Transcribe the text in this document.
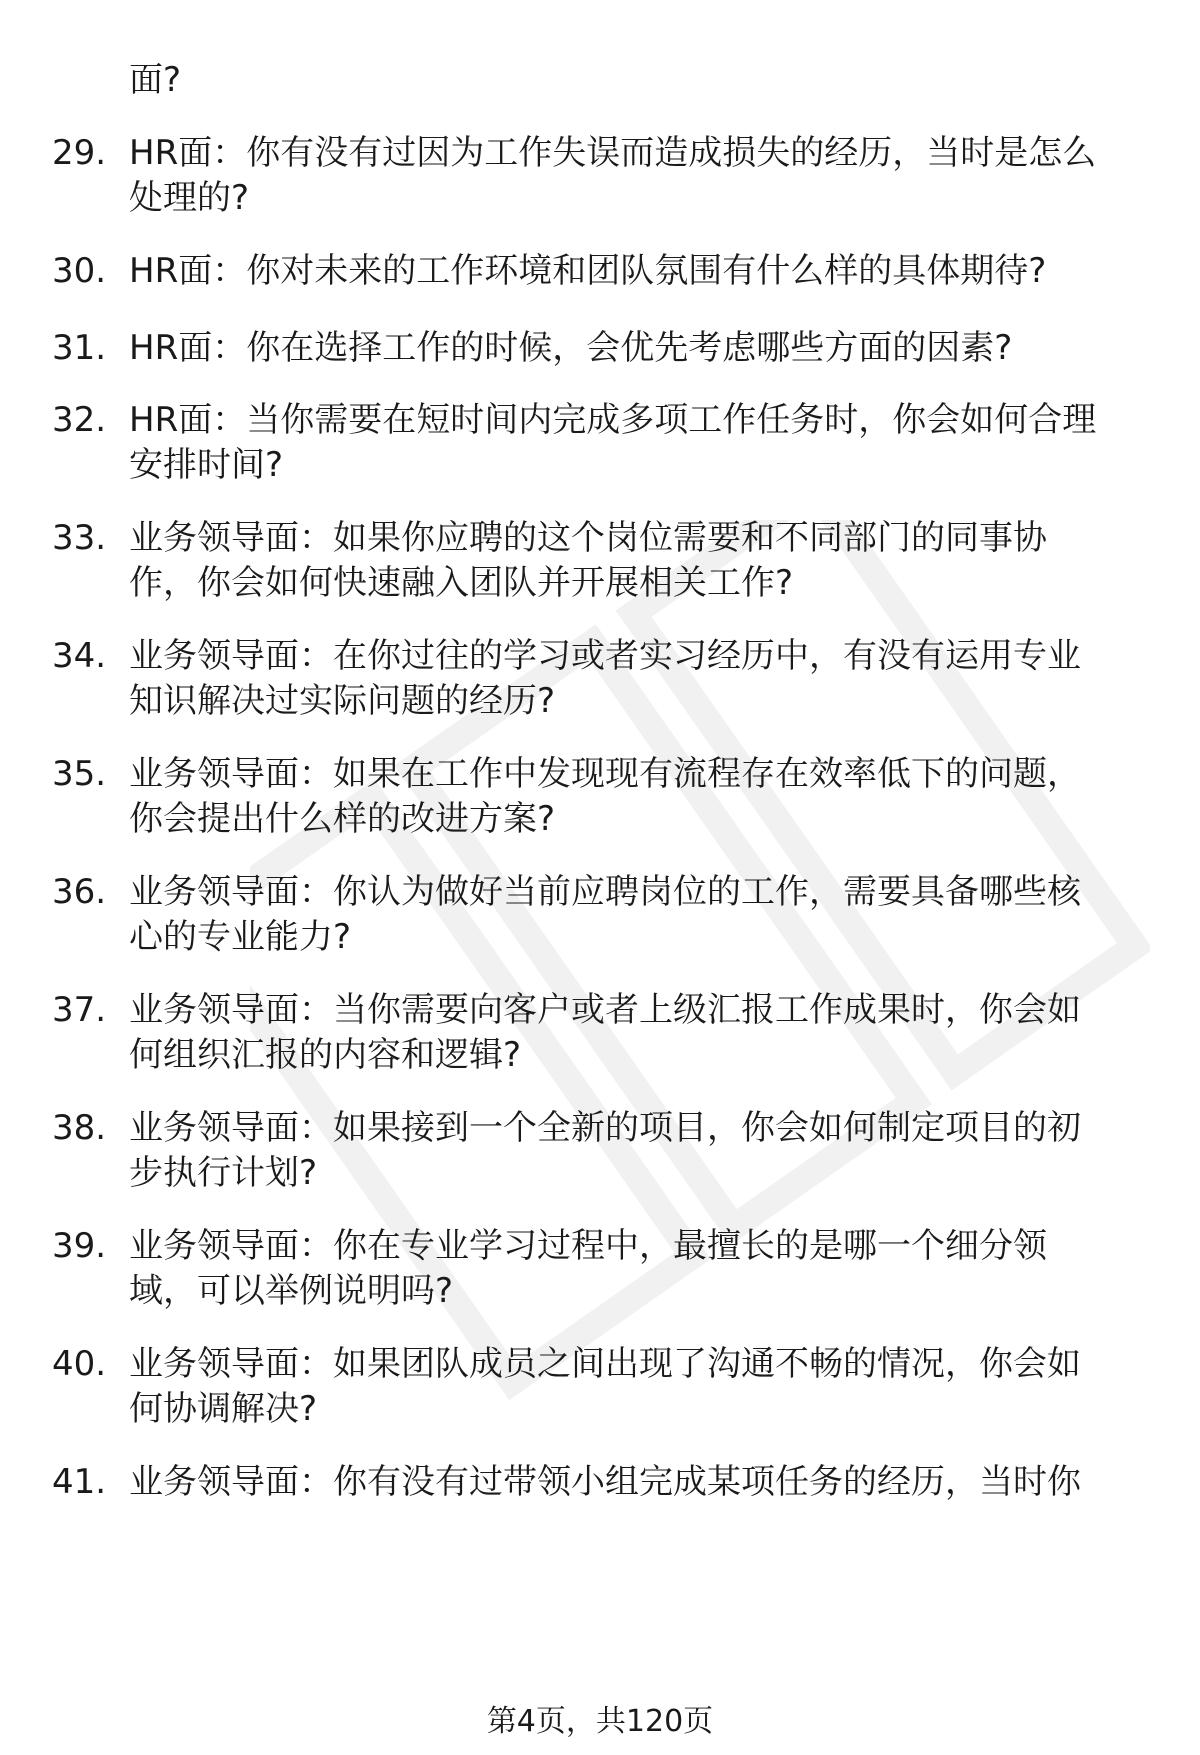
面?
29. HR面：你有没有过因为工作失误而造成损失的经历，当时是怎么
处理的?
30. HR面：你对未来的工作环境和团队氛围有什么样的具体期待?
31. HR面：你在选择工作的时候，会优先考虑哪些方面的因素?
32. HR面：当你需要在短时间内完成多项工作任务时，你会如何合理
安排时间?
33. 业务领导面：如果你应聘的这个岗位需要和不同部门的同事协
作，你会如何快速融入团队并开展相关工作?
34. 业务领导面：在你过往的学习或者实习经历中，有没有运用专业
知识解决过实际问题的经历?
35. 业务领导面：如果在工作中发现现有流程存在效率低下的问题，
你会提出什么样的改进方案?
36. 业务领导面：你认为做好当前应聘岗位的工作，需要具备哪些核
心的专业能力?
37. 业务领导面：当你需要向客户或者上级汇报工作成果时，你会如
何组织汇报的内容和逻辑?
38. 业务领导面：如果接到一个全新的项目，你会如何制定项目的初
步执行计划?
39. 业务领导面：你在专业学习过程中，最擅长的是哪一个细分领
域，可以举例说明吗?
40. 业务领导面：如果团队成员之间出现了沟通不畅的情况，你会如
何协调解决?
41. 业务领导面：你有没有过带领小组完成某项任务的经历，当时你
第4页，共120页
